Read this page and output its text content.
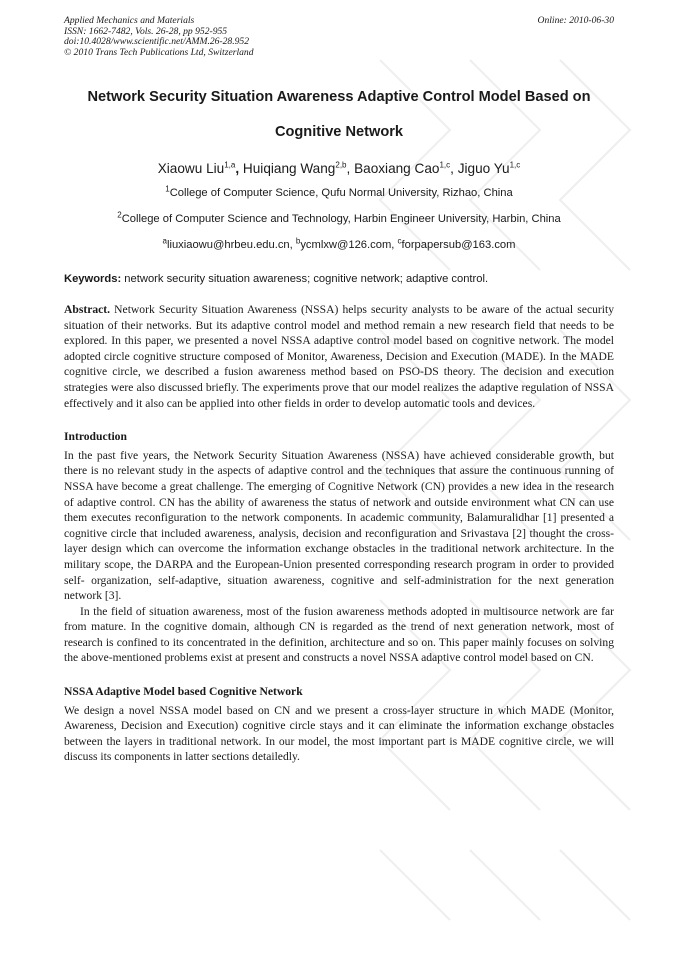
Applied Mechanics and Materials
ISSN: 1662-7482, Vols. 26-28, pp 952-955
doi:10.4028/www.scientific.net/AMM.26-28.952
© 2010 Trans Tech Publications Ltd, Switzerland
Online: 2010-06-30
Network Security Situation Awareness Adaptive Control Model Based on
Cognitive Network
Xiaowu Liu$^{1,a}$, Huiqiang Wang$^{2,b}$, Baoxiang Cao$^{1,c}$, Jiguo Yu$^{1,c}$
$^1$College of Computer Science, Qufu Normal University, Rizhao, China
$^2$College of Computer Science and Technology, Harbin Engineer University, Harbin, China
$^a$liuxiaowu@hrbeu.edu.cn, $^b$ycmlxw@126.com, $^c$forpapersub@163.com
Keywords: network security situation awareness; cognitive network; adaptive control.
Abstract. Network Security Situation Awareness (NSSA) helps security analysts to be aware of the actual security situation of their networks. But its adaptive control model and method remain a new research field that needs to be explored. In this paper, we presented a novel NSSA adaptive control model based on cognitive network. The model adopted circle cognitive structure composed of Monitor, Awareness, Decision and Execution (MADE). In the MADE cognitive circle, we described a fusion awareness method based on PSO-DS theory. The decision and execution strategies were also discussed briefly. The experiments prove that our model realizes the adaptive regulation of NSSA effectively and it also can be applied into other fields in order to develop automatic tools and devices.
Introduction
In the past five years, the Network Security Situation Awareness (NSSA) have achieved considerable growth, but there is no relevant study in the aspects of adaptive control and the techniques that assure the continuous running of NSSA have become a great challenge. The emerging of Cognitive Network (CN) provides a new idea in the research of adaptive control. CN has the ability of awareness the status of network and outside environment what CN can use them executes reconfiguration to the network components. In academic community, Balamuralidhar [1] presented a cognitive circle that included awareness, analysis, decision and reconfiguration and Srivastava [2] thought the cross-layer design which can overcome the information exchange obstacles in the traditional network architecture. In the military scope, the DARPA and the European-Union presented corresponding research program in order to provided self- organization, self-adaptive, situation awareness, cognitive and self-administration for the next generation network [3].
In the field of situation awareness, most of the fusion awareness methods adopted in multisource network are far from mature. In the cognitive domain, although CN is regarded as the trend of next generation network, most of research is confined to its concentrated in the definition, architecture and so on. This paper mainly focuses on solving the above-mentioned problems exist at present and constructs a novel NSSA adaptive control model based on CN.
NSSA Adaptive Model based Cognitive Network
We design a novel NSSA model based on CN and we present a cross-layer structure in which MADE (Monitor, Awareness, Decision and Execution) cognitive circle stays and it can eliminate the information exchange obstacles between the layers in traditional network. In our model, the most important part is MADE cognitive circle, we will discuss its components in latter sections detailedly.
